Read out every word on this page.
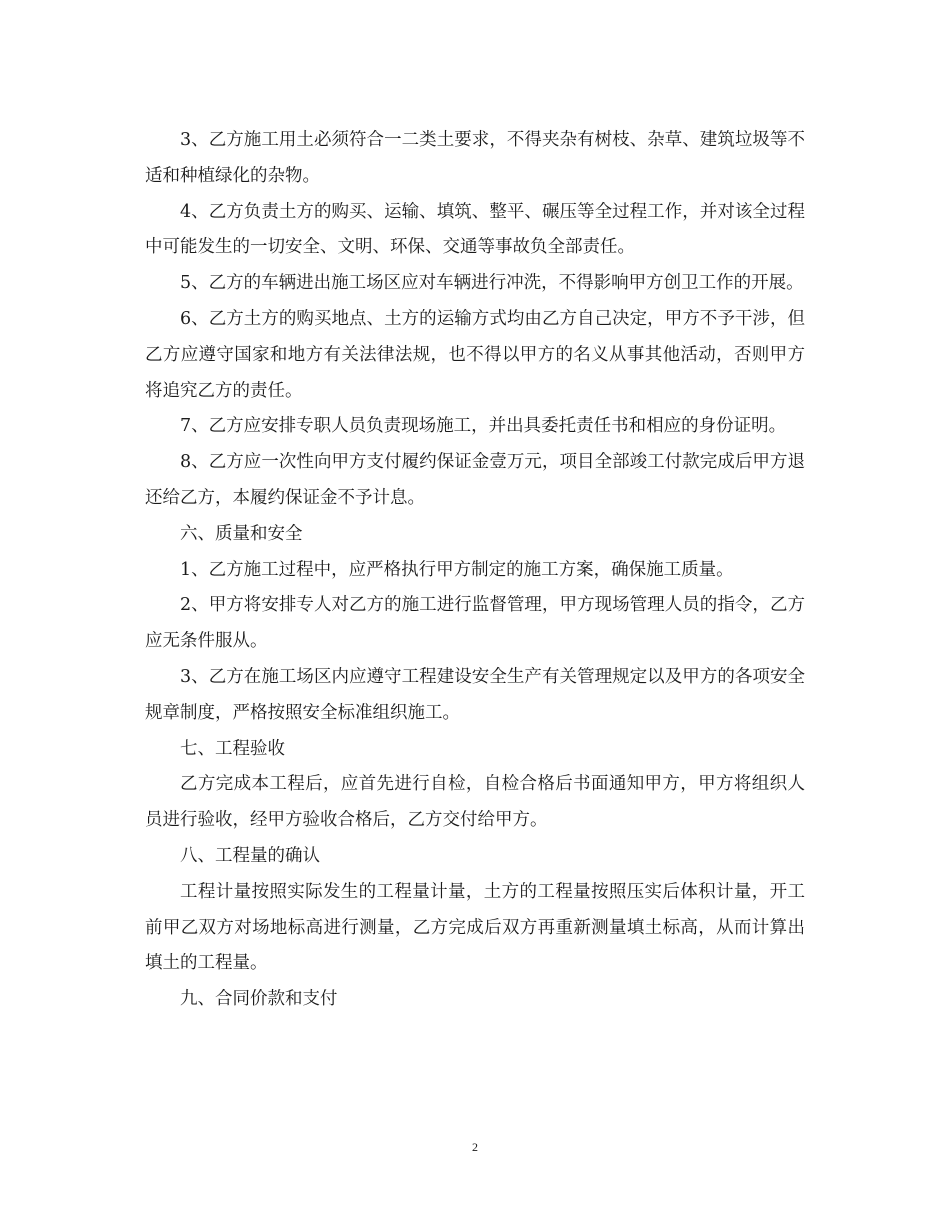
3、乙方施工用土必须符合一二类土要求，不得夹杂有树枝、杂草、建筑垃圾等不适和种植绿化的杂物。

4、乙方负责土方的购买、运输、填筑、整平、碾压等全过程工作，并对该全过程中可能发生的一切安全、文明、环保、交通等事故负全部责任。

5、乙方的车辆进出施工场区应对车辆进行冲洗，不得影响甲方创卫工作的开展。

6、乙方土方的购买地点、土方的运输方式均由乙方自己决定，甲方不予干涉，但乙方应遵守国家和地方有关法律法规，也不得以甲方的名义从事其他活动，否则甲方将追究乙方的责任。

7、乙方应安排专职人员负责现场施工，并出具委托责任书和相应的身份证明。

8、乙方应一次性向甲方支付履约保证金壹万元，项目全部竣工付款完成后甲方退还给乙方，本履约保证金不予计息。

六、质量和安全

1、乙方施工过程中，应严格执行甲方制定的施工方案，确保施工质量。

2、甲方将安排专人对乙方的施工进行监督管理，甲方现场管理人员的指令，乙方应无条件服从。

3、乙方在施工场区内应遵守工程建设安全生产有关管理规定以及甲方的各项安全规章制度，严格按照安全标准组织施工。

七、工程验收

乙方完成本工程后，应首先进行自检，自检合格后书面通知甲方，甲方将组织人员进行验收，经甲方验收合格后，乙方交付给甲方。

八、工程量的确认

工程计量按照实际发生的工程量计量，土方的工程量按照压实后体积计量，开工前甲乙双方对场地标高进行测量，乙方完成后双方再重新测量填土标高，从而计算出填土的工程量。

九、合同价款和支付

2
